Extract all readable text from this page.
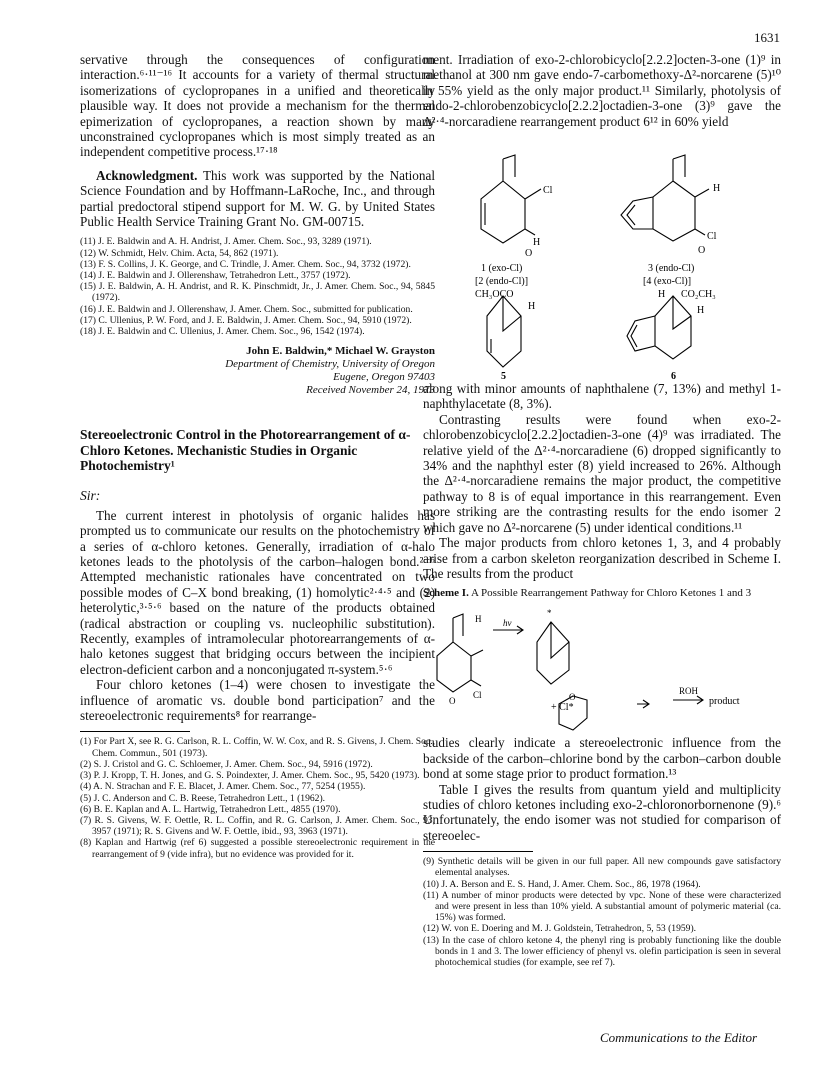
1631

servative through the consequences of configuration interaction.⁶·¹¹⁻¹⁶ It accounts for a variety of thermal structural isomerizations of cyclopropanes in a unified and theoretically plausible way. It does not provide a mechanism for the thermal epimerization of cyclopropanes, a reaction shown by many unconstrained cyclopropanes which is most simply treated as an independent competitive process.¹⁷·¹⁸

Acknowledgment. This work was supported by the National Science Foundation and by Hoffmann-LaRoche, Inc., and through partial predoctoral stipend support for M. W. G. by United States Public Health Service Training Grant No. GM-00715.

(11) J. E. Baldwin and A. H. Andrist, J. Amer. Chem. Soc., 93, 3289 (1971).
(12) W. Schmidt, Helv. Chim. Acta, 54, 862 (1971).
(13) F. S. Collins, J. K. George, and C. Trindle, J. Amer. Chem. Soc., 94, 3732 (1972).
(14) J. E. Baldwin and J. Ollerenshaw, Tetrahedron Lett., 3757 (1972).
(15) J. E. Baldwin, A. H. Andrist, and R. K. Pinschmidt, Jr., J. Amer. Chem. Soc., 94, 5845 (1972).
(16) J. E. Baldwin and J. Ollerenshaw, J. Amer. Chem. Soc., submitted for publication.
(17) C. Ullenius, P. W. Ford, and J. E. Baldwin, J. Amer. Chem. Soc., 94, 5910 (1972).
(18) J. E. Baldwin and C. Ullenius, J. Amer. Chem. Soc., 96, 1542 (1974).
John E. Baldwin,* Michael W. Grayston
Department of Chemistry, University of Oregon
Eugene, Oregon 97403
Received November 24, 1973
Stereoelectronic Control in the Photorearrangement of α-Chloro Ketones. Mechanistic Studies in Organic Photochemistry¹
Sir:

The current interest in photolysis of organic halides has prompted us to communicate our results on the photochemistry of a series of α-chloro ketones. Generally, irradiation of α-halo ketones leads to the photolysis of the carbon–halogen bond.²⁻⁶ Attempted mechanistic rationales have concentrated on two possible modes of C–X bond breaking, (1) homolytic²·⁴·⁵ and (2) heterolytic,³·⁵·⁶ based on the nature of the products obtained (radical abstraction or coupling vs. nucleophilic substitution). Recently, examples of intramolecular photorearrangements of α-halo ketones suggest that bridging occurs between the incipient electron-deficient carbon and a nonconjugated π-system.⁵·⁶

Four chloro ketones (1–4) were chosen to investigate the influence of aromatic vs. double bond participation⁷ and the stereoelectronic requirements⁸ for rearrange-

(1) For Part X, see R. G. Carlson, R. L. Coffin, W. W. Cox, and R. S. Givens, J. Chem. Soc., Chem. Commun., 501 (1973).
(2) S. J. Cristol and G. C. Schloemer, J. Amer. Chem. Soc., 94, 5916 (1972).
(3) P. J. Kropp, T. H. Jones, and G. S. Poindexter, J. Amer. Chem. Soc., 95, 5420 (1973).
(4) A. N. Strachan and F. E. Blacet, J. Amer. Chem. Soc., 77, 5254 (1955).
(5) J. C. Anderson and C. B. Reese, Tetrahedron Lett., 1 (1962).
(6) B. E. Kaplan and A. L. Hartwig, Tetrahedron Lett., 4855 (1970).
(7) R. S. Givens, W. F. Oettle, R. L. Coffin, and R. G. Carlson, J. Amer. Chem. Soc., 93, 3957 (1971); R. S. Givens and W. F. Oettle, ibid., 93, 3963 (1971).
(8) Kaplan and Hartwig (ref 6) suggested a possible stereoelectronic requirement in the rearrangement of 9 (vide infra), but no evidence was provided for it.

ment. Irradiation of exo-2-chlorobicyclo[2.2.2]octen-3-one (1)⁹ in methanol at 300 nm gave endo-7-carbomethoxy-Δ²-norcarene (5)¹⁰ in 55% yield as the only major product.¹¹ Similarly, photolysis of endo-2-chlorobenzobicyclo[2.2.2]octadien-3-one (3)⁹ gave the Δ²·⁴-norcaradiene rearrangement product 6¹² in 60% yield

Cl
H
O
H
Cl
O
1 (exo-Cl)
[2 (endo-Cl)]
3 (endo-Cl)
[4 (exo-Cl)]
CH₃OCO
H
H CO₂CH₃
H
5	6

along with minor amounts of naphthalene (7, 13%) and methyl 1-naphthylacetate (8, 3%).

Contrasting results were found when exo-2-chlorobenzobicyclo[2.2.2]octadien-3-one (4)⁹ was irradiated. The relative yield of the Δ²·⁴-norcaradiene (6) dropped significantly to 34% and the naphthyl ester (8) yield increased to 26%. Although the Δ²·⁴-norcaradiene remains the major product, the competitive pathway to 8 is of equal importance in this rearrangement. Even more striking are the contrasting results for the endo isomer 2 which gave no Δ²-norcarene (5) under identical conditions.¹¹

The major products from chloro ketones 1, 3, and 4 probably arise from a carbon skeleton reorganization described in Scheme I. The results from the product

Scheme I. A Possible Rearrangement Pathway for Chloro Ketones 1 and 3
H
Cl
O
hν
*
O
+ Cl*
ROH
product

studies clearly indicate a stereoelectronic influence from the backside of the carbon–chlorine bond by the carbon–carbon double bond at some stage prior to product formation.¹³

Table I gives the results from quantum yield and multiplicity studies of chloro ketones including exo-2-chloronorbornenone (9).⁶ Unfortunately, the endo isomer was not studied for comparison of stereoelec-

(9) Synthetic details will be given in our full paper. All new compounds gave satisfactory elemental analyses.
(10) J. A. Berson and E. S. Hand, J. Amer. Chem. Soc., 86, 1978 (1964).
(11) A number of minor products were detected by vpc. None of these were characterized and were present in less than 10% yield. A substantial amount of polymeric material (ca. 15%) was formed.
(12) W. von E. Doering and M. J. Goldstein, Tetrahedron, 5, 53 (1959).
(13) In the case of chloro ketone 4, the phenyl ring is probably functioning like the double bonds in 1 and 3. The lower efficiency of phenyl vs. olefin participation is seen in several photochemical studies (for example, see ref 7).
Communications to the Editor
